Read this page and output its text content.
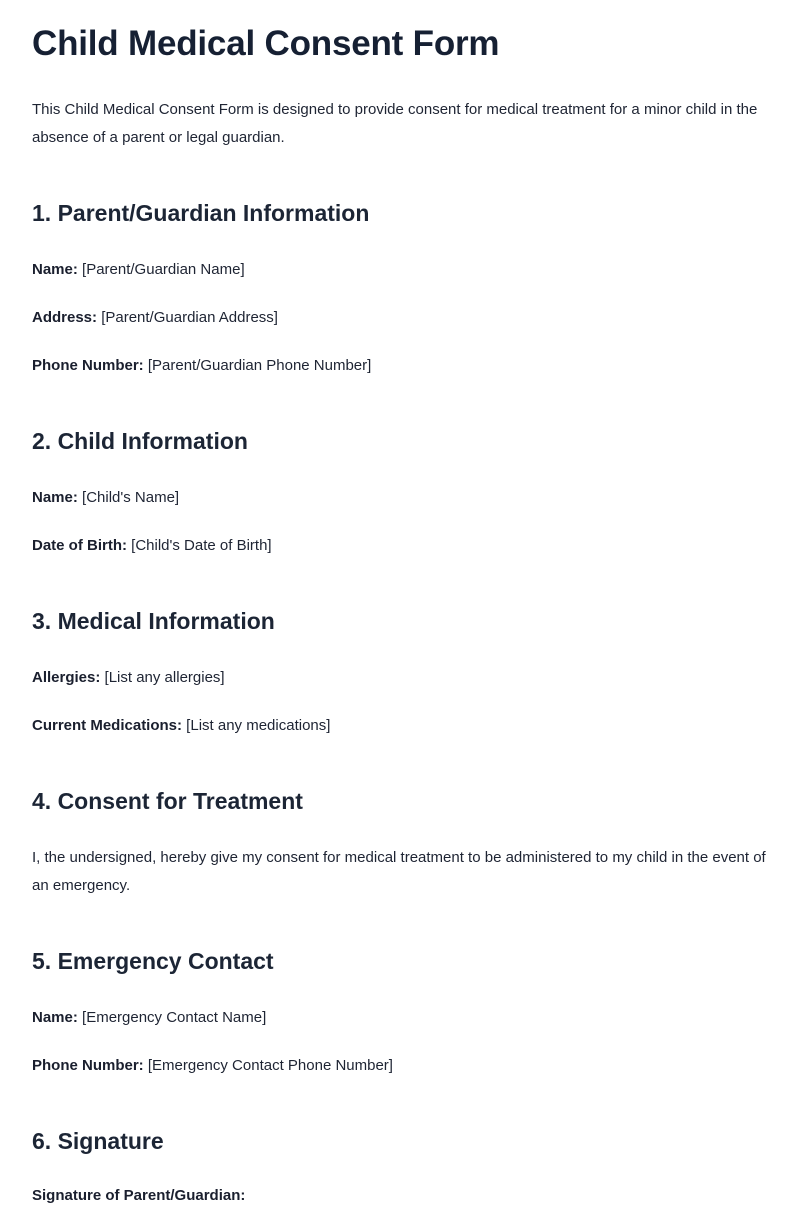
Child Medical Consent Form

This Child Medical Consent Form is designed to provide consent for medical treatment for a minor child in the absence of a parent or legal guardian.

1. Parent/Guardian Information

Name: [Parent/Guardian Name]

Address: [Parent/Guardian Address]

Phone Number: [Parent/Guardian Phone Number]

2. Child Information

Name: [Child's Name]

Date of Birth: [Child's Date of Birth]

3. Medical Information

Allergies: [List any allergies]

Current Medications: [List any medications]

4. Consent for Treatment

I, the undersigned, hereby give my consent for medical treatment to be administered to my child in the event of an emergency.

5. Emergency Contact

Name: [Emergency Contact Name]

Phone Number: [Emergency Contact Phone Number]

6. Signature

Signature of Parent/Guardian:
